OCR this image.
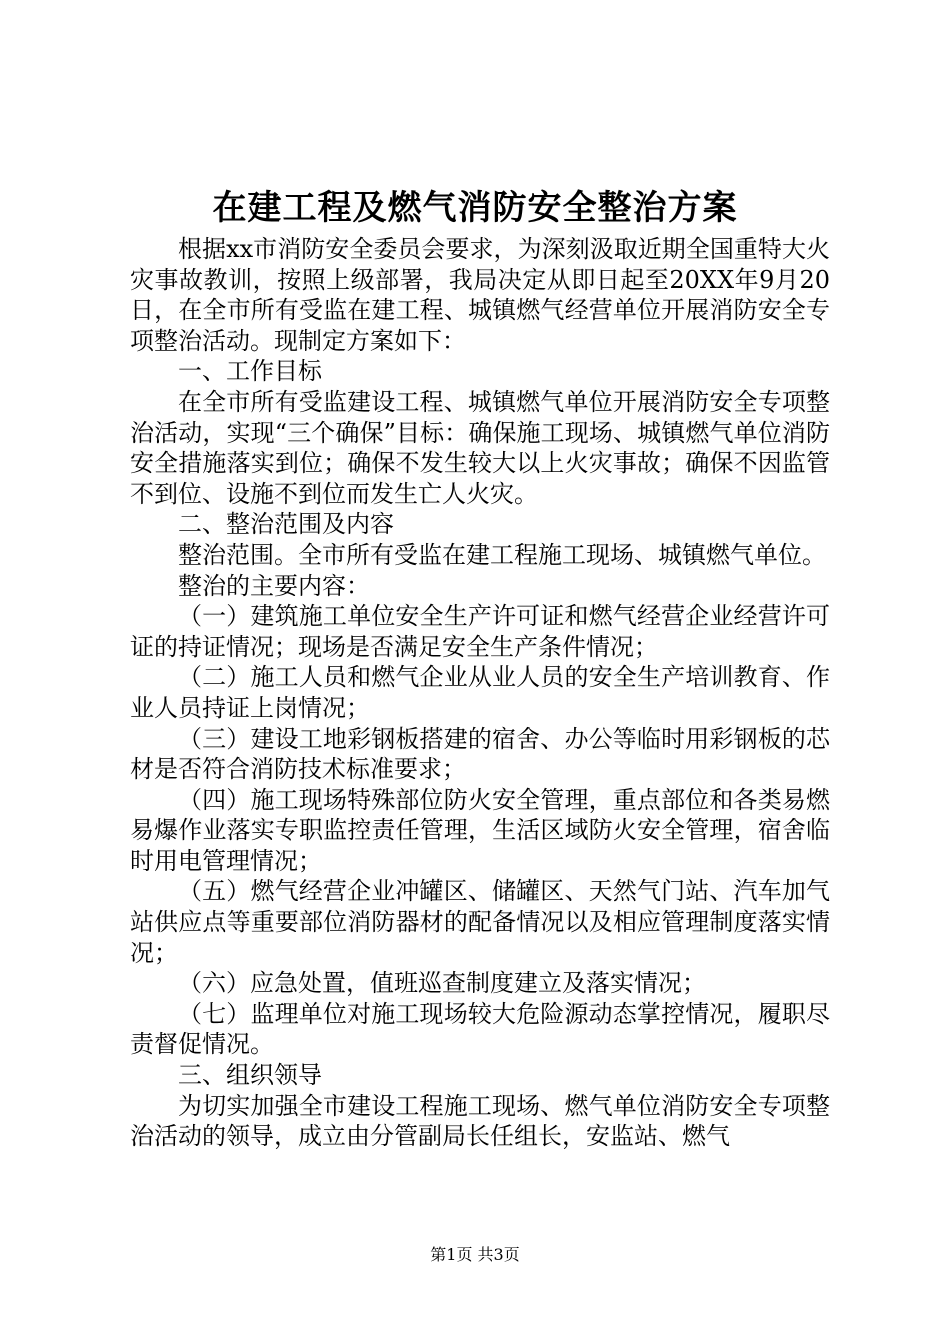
在建工程及燃气消防安全整治方案

根据xx市消防安全委员会要求，为深刻汲取近期全国重特大火灾事故教训，按照上级部署，我局决定从即日起至20XX年9月20日，在全市所有受监在建工程、城镇燃气经营单位开展消防安全专项整治活动。现制定方案如下：

一、工作目标

在全市所有受监建设工程、城镇燃气单位开展消防安全专项整治活动，实现“三个确保”目标：确保施工现场、城镇燃气单位消防安全措施落实到位；确保不发生较大以上火灾事故；确保不因监管不到位、设施不到位而发生亡人火灾。

二、整治范围及内容

整治范围。全市所有受监在建工程施工现场、城镇燃气单位。

整治的主要内容：

（一）建筑施工单位安全生产许可证和燃气经营企业经营许可证的持证情况；现场是否满足安全生产条件情况；

（二）施工人员和燃气企业从业人员的安全生产培训教育、作业人员持证上岗情况；

（三）建设工地彩钢板搭建的宿舍、办公等临时用彩钢板的芯材是否符合消防技术标准要求；

（四）施工现场特殊部位防火安全管理，重点部位和各类易燃易爆作业落实专职监控责任管理，生活区域防火安全管理，宿舍临时用电管理情况；

（五）燃气经营企业冲罐区、储罐区、天然气门站、汽车加气站供应点等重要部位消防器材的配备情况以及相应管理制度落实情况；

（六）应急处置，值班巡查制度建立及落实情况；

（七）监理单位对施工现场较大危险源动态掌控情况，履职尽责督促情况。

三、组织领导

为切实加强全市建设工程施工现场、燃气单位消防安全专项整治活动的领导，成立由分管副局长任组长，安监站、燃气

第1页 共3页
